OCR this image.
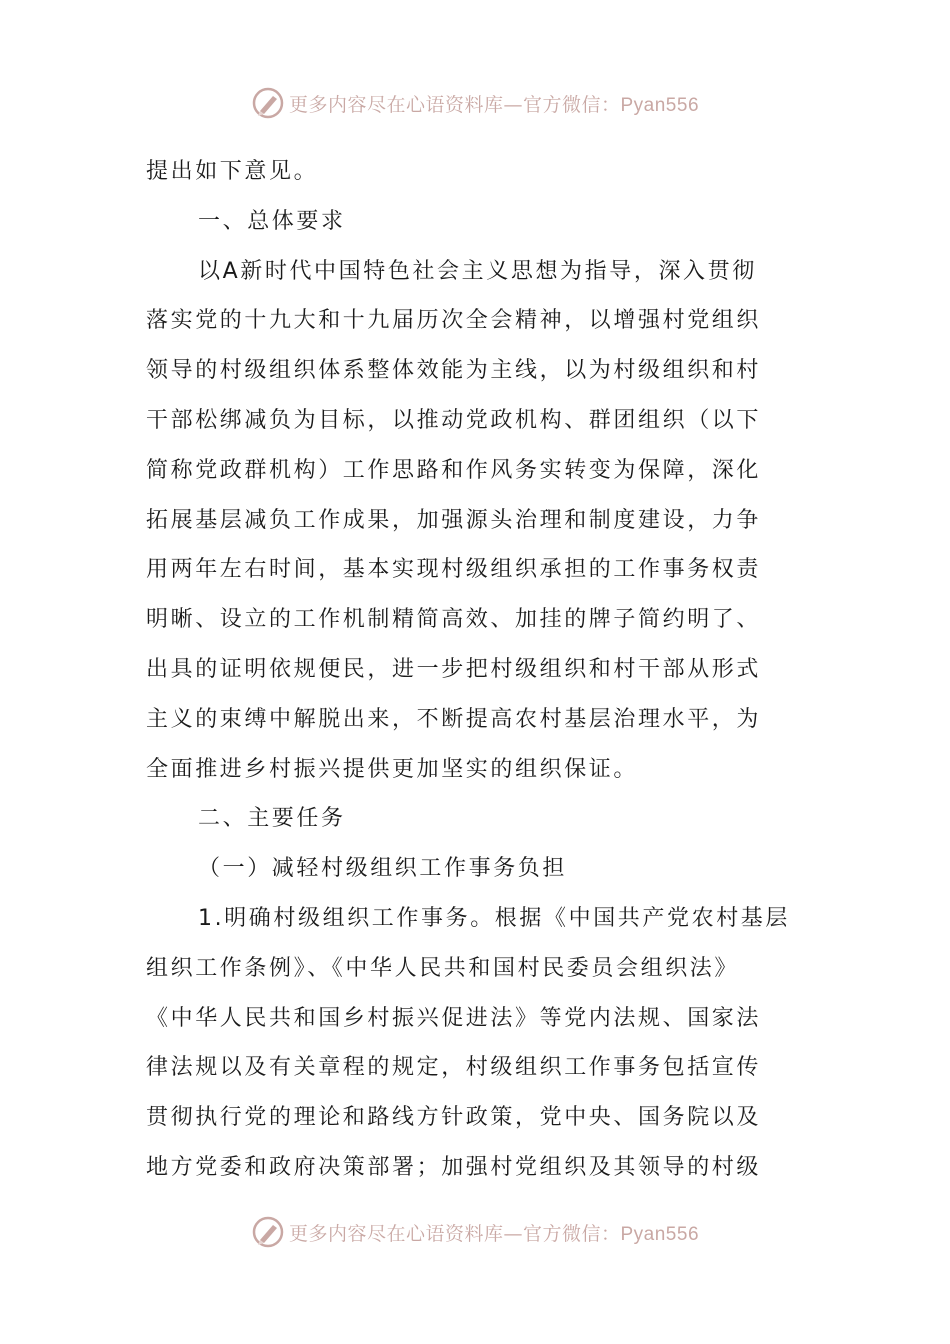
更多内容尽在心语资料库—官方微信：Pyan556
提出如下意见。
一、总体要求
以A新时代中国特色社会主义思想为指导，深入贯彻
落实党的十九大和十九届历次全会精神，以增强村党组织
领导的村级组织体系整体效能为主线，以为村级组织和村
干部松绑减负为目标，以推动党政机构、群团组织（以下
简称党政群机构）工作思路和作风务实转变为保障，深化
拓展基层减负工作成果，加强源头治理和制度建设，力争
用两年左右时间，基本实现村级组织承担的工作事务权责
明晰、设立的工作机制精简高效、加挂的牌子简约明了、
出具的证明依规便民，进一步把村级组织和村干部从形式
主义的束缚中解脱出来，不断提高农村基层治理水平，为
全面推进乡村振兴提供更加坚实的组织保证。
二、主要任务
（一）减轻村级组织工作事务负担
1.明确村级组织工作事务。根据《中国共产党农村基层
组织工作条例》、《中华人民共和国村民委员会组织法》
《中华人民共和国乡村振兴促进法》等党内法规、国家法
律法规以及有关章程的规定，村级组织工作事务包括宣传
贯彻执行党的理论和路线方针政策，党中央、国务院以及
地方党委和政府决策部署；加强村党组织及其领导的村级
更多内容尽在心语资料库—官方微信：Pyan556
